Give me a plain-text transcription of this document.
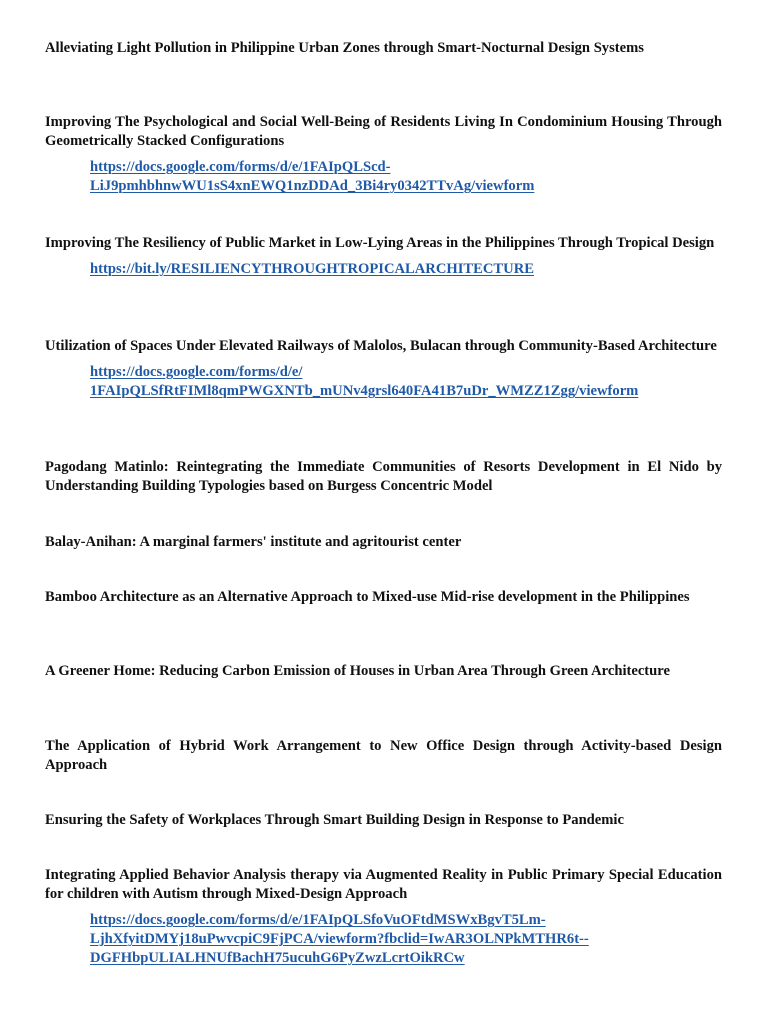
Alleviating Light Pollution in Philippine Urban Zones through Smart-Nocturnal Design Systems

Improving The Psychological and Social Well-Being of Residents Living In Condominium Housing Through Geometrically Stacked Configurations

https://docs.google.com/forms/d/e/1FAIpQLScd-
LiJ9pmhbhnwWU1sS4xnEWQ1nzDDAd_3Bi4ry0342TTvAg/viewform

Improving The Resiliency of Public Market in Low-Lying Areas in the Philippines Through Tropical Design

https://bit.ly/RESILIENCYTHROUGHTROPICALARCHITECTURE

Utilization of Spaces Under Elevated Railways of Malolos, Bulacan through Community-Based Architecture

https://docs.google.com/forms/d/e/
1FAIpQLSfRtFIMl8qmPWGXNTb_mUNv4grsl640FA41B7uDr_WMZZ1Zgg/viewform

Pagodang Matinlo: Reintegrating the Immediate Communities of Resorts Development in El Nido by Understanding Building Typologies based on Burgess Concentric Model

Balay-Anihan: A marginal farmers' institute and agritourist center

Bamboo Architecture as an Alternative Approach to Mixed-use Mid-rise development in the Philippines

A Greener Home: Reducing Carbon Emission of Houses in Urban Area Through Green Architecture

The Application of Hybrid Work Arrangement to New Office Design through Activity-based Design Approach

Ensuring the Safety of Workplaces Through Smart Building Design in Response to Pandemic

Integrating Applied Behavior Analysis therapy via Augmented Reality in Public Primary Special Education for children with Autism through Mixed-Design Approach

https://docs.google.com/forms/d/e/1FAIpQLSfoVuOFtdMSWxBgvT5Lm-
LjhXfyitDMYj18uPwvcpiC9FjPCA/viewform?fbclid=IwAR3OLNPkMTHR6t--
DGFHbpULIALHNUfBachH75ucuhG6PyZwzLcrtOikRCw
